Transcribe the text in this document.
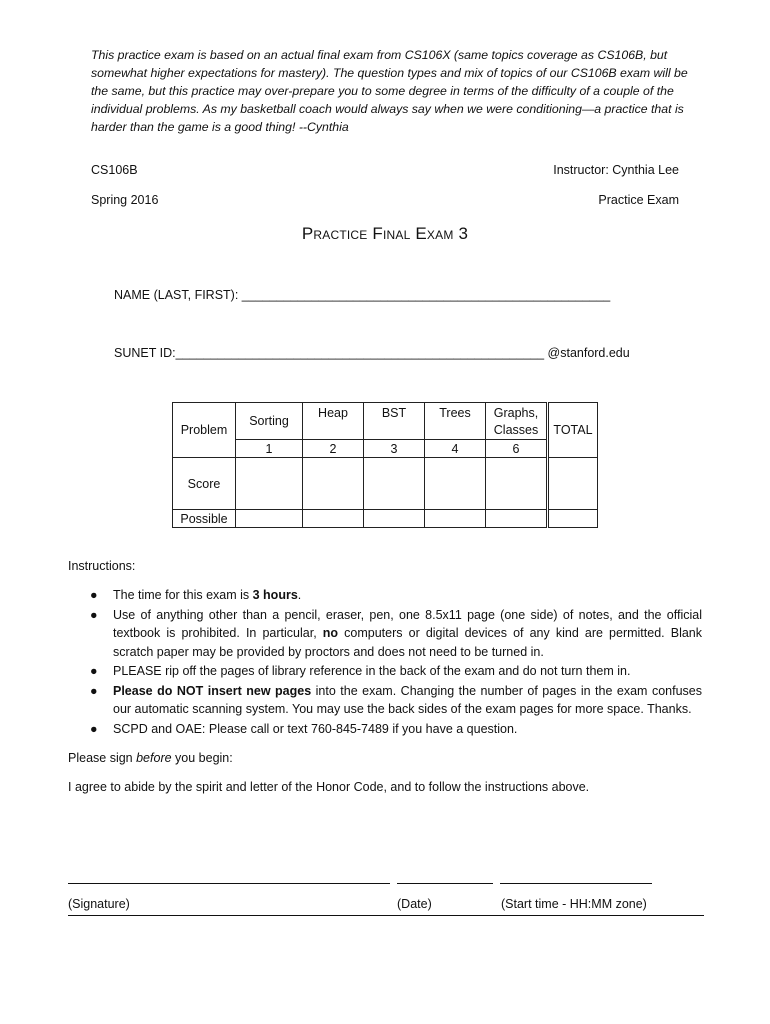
This practice exam is based on an actual final exam from CS106X (same topics coverage as CS106B, but somewhat higher expectations for mastery). The question types and mix of topics of our CS106B exam will be the same, but this practice may over-prepare you to some degree in terms of the difficulty of a couple of the individual problems. As my basketball coach would always say when we were conditioning—a practice that is harder than the game is a good thing! --Cynthia
CS106B	Instructor: Cynthia Lee
Spring 2016	Practice Exam
Practice Final Exam 3
NAME (LAST, FIRST): _____________________________________________________
SUNET ID:_____________________________________________________ @stanford.edu
Problem	Sorting	Heap	BST	Trees	Graphs, Classes	TOTAL
	1	2	3	4	6	
Score						
Possible						
Instructions:
● The time for this exam is 3 hours.
● Use of anything other than a pencil, eraser, pen, one 8.5x11 page (one side) of notes, and the official textbook is prohibited. In particular, no computers or digital devices of any kind are permitted. Blank scratch paper may be provided by proctors and does not need to be turned in.
● PLEASE rip off the pages of library reference in the back of the exam and do not turn them in.
● Please do NOT insert new pages into the exam. Changing the number of pages in the exam confuses our automatic scanning system. You may use the back sides of the exam pages for more space. Thanks.
● SCPD and OAE: Please call or text 760-845-7489 if you have a question.
Please sign before you begin:
I agree to abide by the spirit and letter of the Honor Code, and to follow the instructions above.
(Signature)	(Date)	(Start time - HH:MM zone)
